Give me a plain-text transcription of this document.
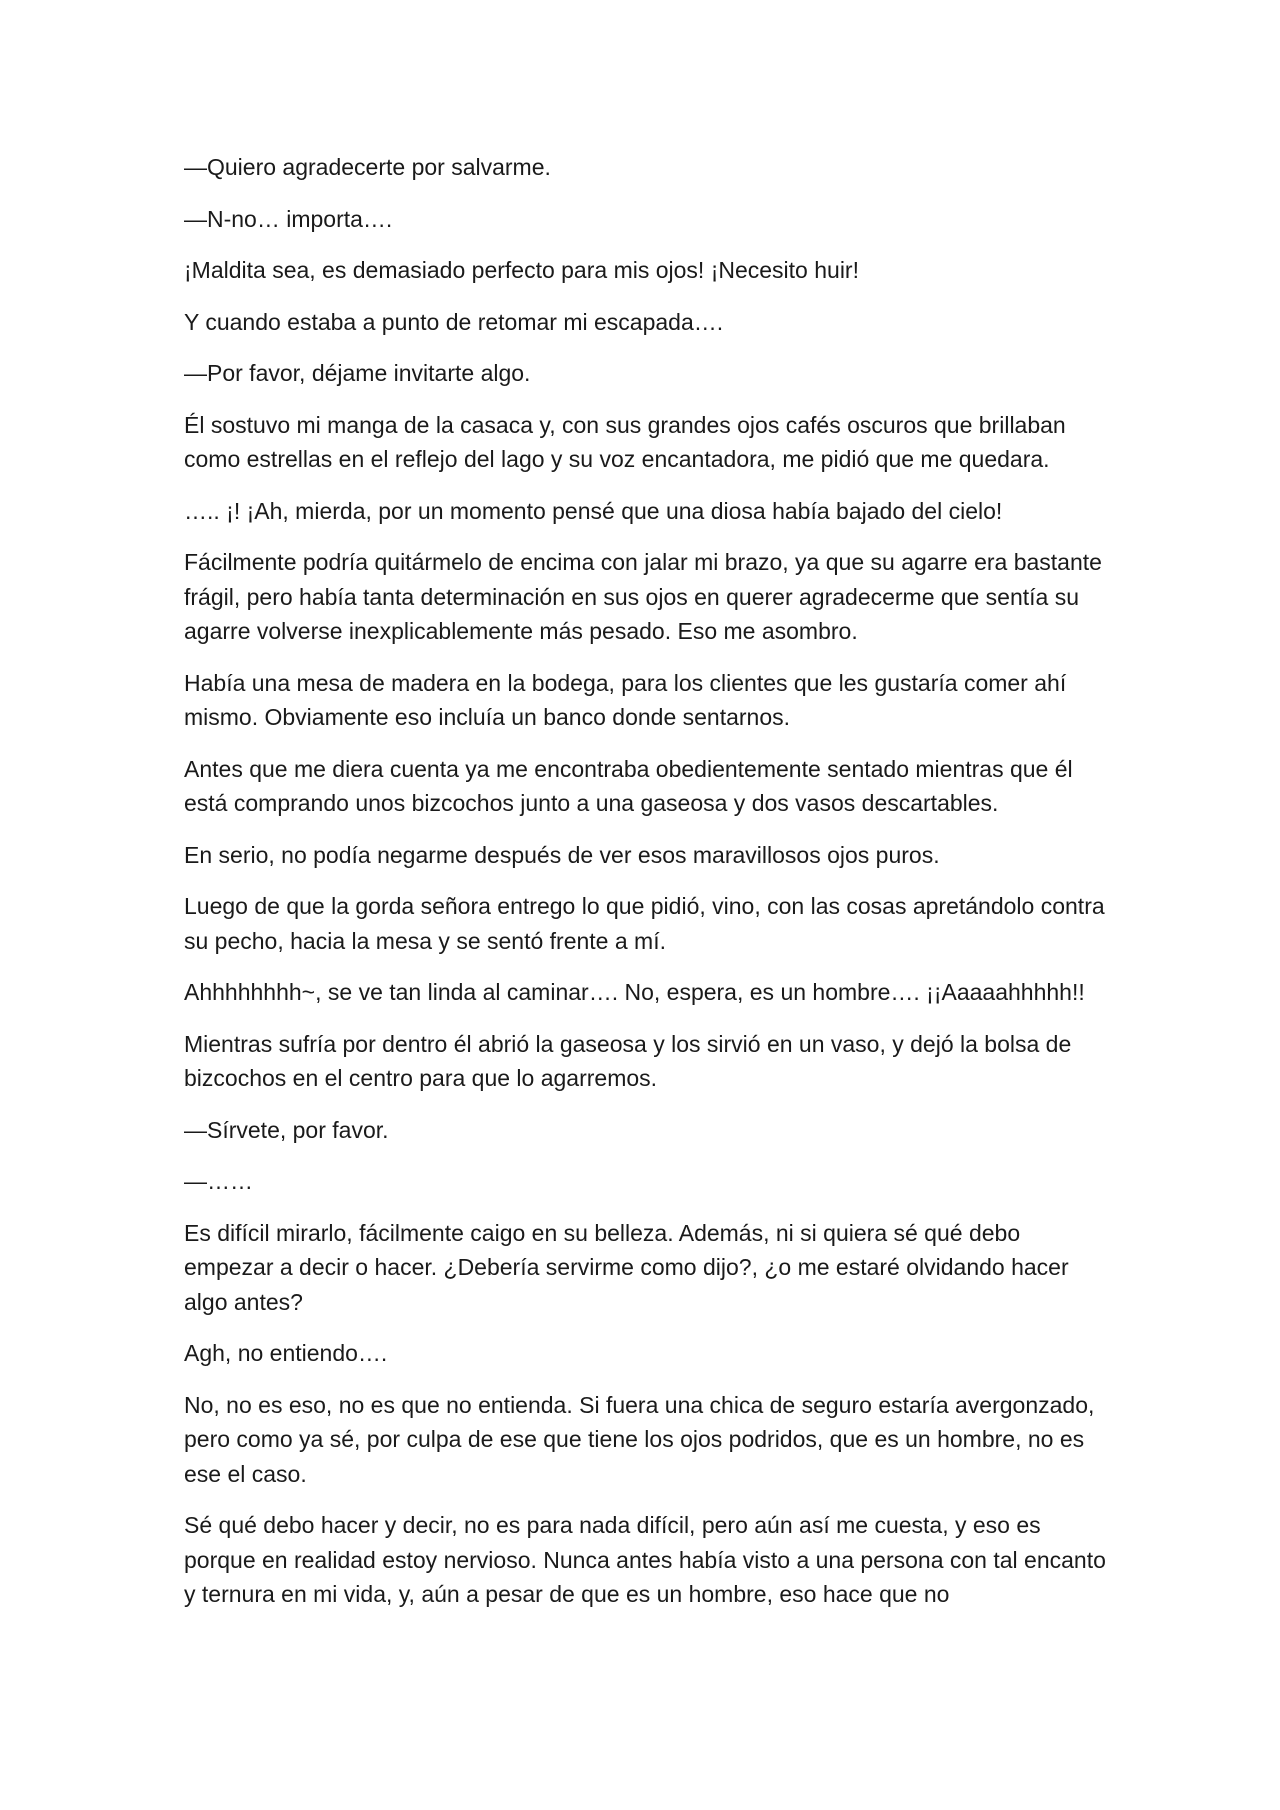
—Quiero agradecerte por salvarme.

—N-no… importa….

¡Maldita sea, es demasiado perfecto para mis ojos! ¡Necesito huir!

Y cuando estaba a punto de retomar mi escapada….

—Por favor, déjame invitarte algo.

Él sostuvo mi manga de la casaca y, con sus grandes ojos cafés oscuros que brillaban como estrellas en el reflejo del lago y su voz encantadora, me pidió que me quedara.

….. ¡! ¡Ah, mierda, por un momento pensé que una diosa había bajado del cielo!

Fácilmente podría quitármelo de encima con jalar mi brazo, ya que su agarre era bastante frágil, pero había tanta determinación en sus ojos en querer agradecerme que sentía su agarre volverse inexplicablemente más pesado. Eso me asombro.

Había una mesa de madera en la bodega, para los clientes que les gustaría comer ahí mismo. Obviamente eso incluía un banco donde sentarnos.

Antes que me diera cuenta ya me encontraba obedientemente sentado mientras que él está comprando unos bizcochos junto a una gaseosa y dos vasos descartables.

En serio, no podía negarme después de ver esos maravillosos ojos puros.

Luego de que la gorda señora entrego lo que pidió, vino, con las cosas apretándolo contra su pecho, hacia la mesa y se sentó frente a mí.

Ahhhhhhhh~, se ve tan linda al caminar…. No, espera, es un hombre…. ¡¡Aaaaahhhhh!!

Mientras sufría por dentro él abrió la gaseosa y los sirvió en un vaso, y dejó la bolsa de bizcochos en el centro para que lo agarremos.

—Sírvete, por favor.

—……

Es difícil mirarlo, fácilmente caigo en su belleza. Además, ni si quiera sé qué debo empezar a decir o hacer. ¿Debería servirme como dijo?, ¿o me estaré olvidando hacer algo antes?

Agh, no entiendo….

No, no es eso, no es que no entienda. Si fuera una chica de seguro estaría avergonzado, pero como ya sé, por culpa de ese que tiene los ojos podridos, que es un hombre, no es ese el caso.

Sé qué debo hacer y decir, no es para nada difícil, pero aún así me cuesta, y eso es porque en realidad estoy nervioso. Nunca antes había visto a una persona con tal encanto y ternura en mi vida, y, aún a pesar de que es un hombre, eso hace que no
